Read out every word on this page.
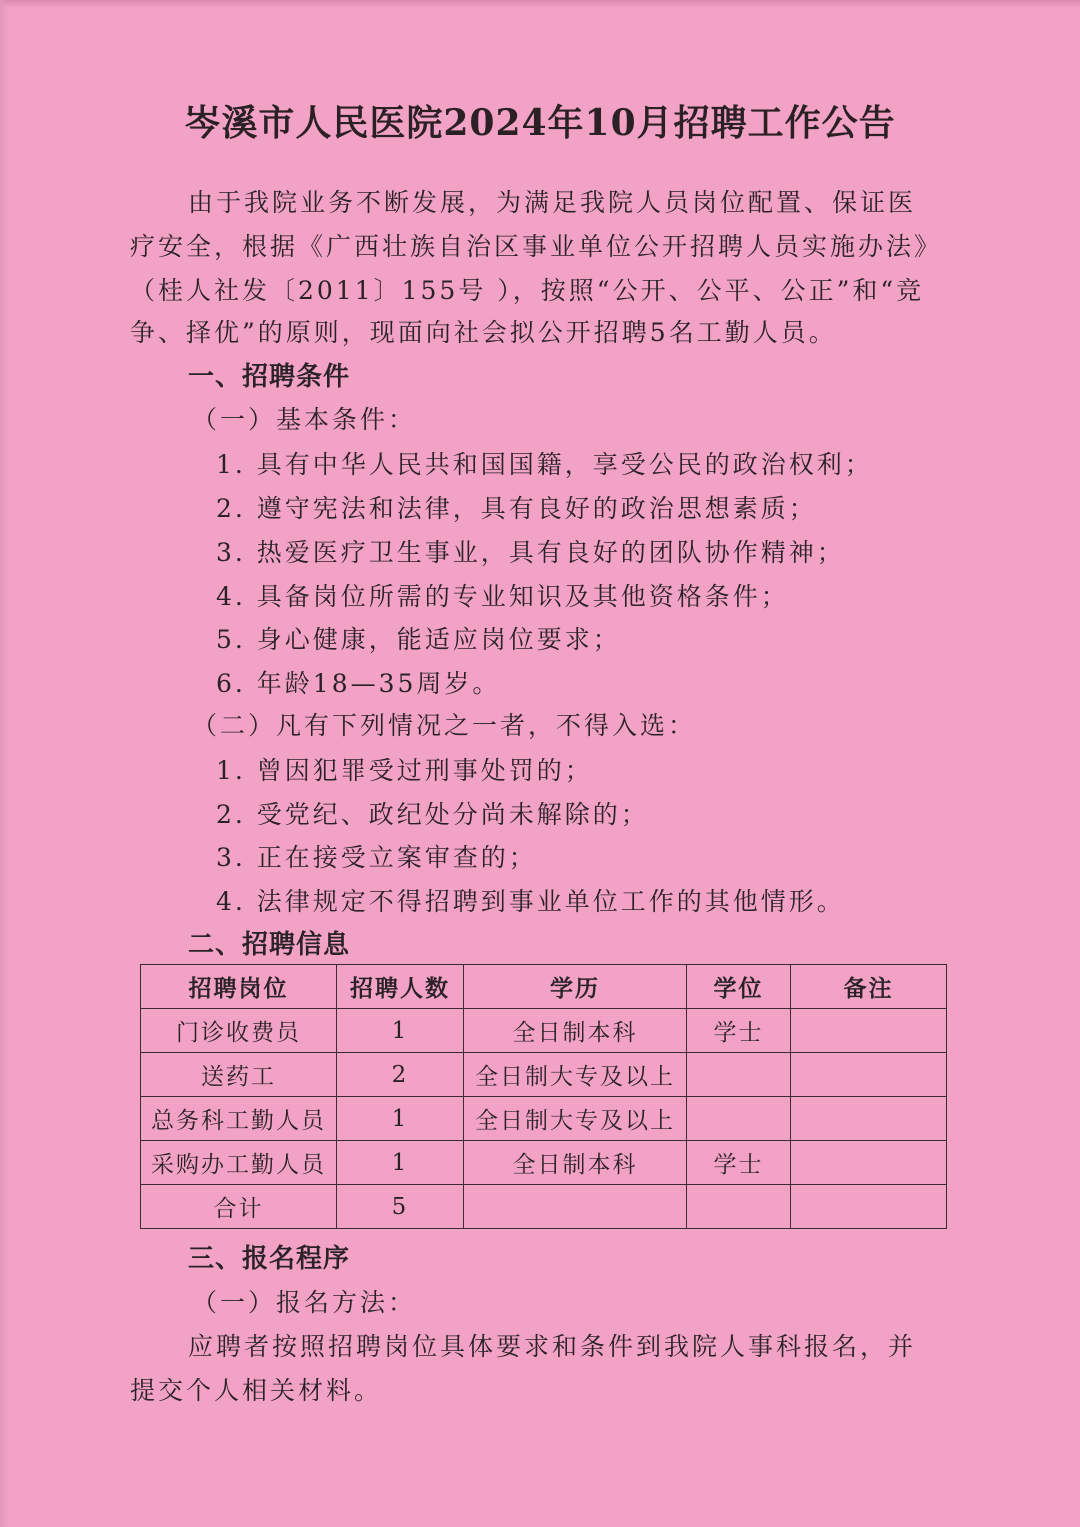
岑溪市人民医院2024年10月招聘工作公告
由于我院业务不断发展，为满足我院人员岗位配置、保证医
疗安全，根据《广西壮族自治区事业单位公开招聘人员实施办法》
（桂人社发〔2011〕155号 ），按照“公开、公平、公正”和“竞
争、择优”的原则，现面向社会拟公开招聘5名工勤人员。
一、招聘条件
（一）基本条件：
1. 具有中华人民共和国国籍，享受公民的政治权利；
2. 遵守宪法和法律，具有良好的政治思想素质；
3. 热爱医疗卫生事业，具有良好的团队协作精神；
4. 具备岗位所需的专业知识及其他资格条件；
5. 身心健康，能适应岗位要求；
6. 年龄18—35周岁。
（二）凡有下列情况之一者，不得入选：
1. 曾因犯罪受过刑事处罚的；
2. 受党纪、政纪处分尚未解除的；
3. 正在接受立案审查的；
4. 法律规定不得招聘到事业单位工作的其他情形。
二、招聘信息
招聘岗位	招聘人数	学历	学位	备注
门诊收费员	1	全日制本科	学士	
送药工	2	全日制大专及以上		
总务科工勤人员	1	全日制大专及以上		
采购办工勤人员	1	全日制本科	学士	
合计	5			
三、报名程序
（一）报名方法：
应聘者按照招聘岗位具体要求和条件到我院人事科报名，并
提交个人相关材料。
